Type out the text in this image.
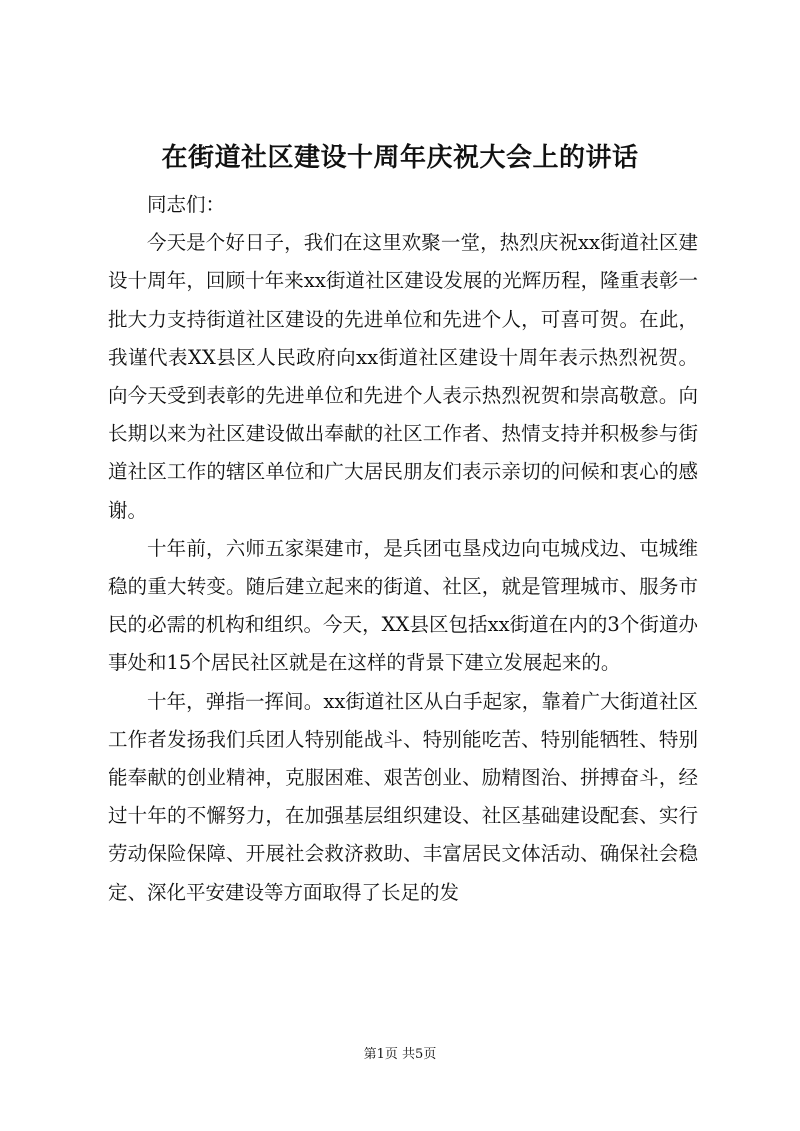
在街道社区建设十周年庆祝大会上的讲话

同志们：

今天是个好日子，我们在这里欢聚一堂，热烈庆祝xx街道社区建设十周年，回顾十年来xx街道社区建设发展的光辉历程，隆重表彰一批大力支持街道社区建设的先进单位和先进个人，可喜可贺。在此，我谨代表XX县区人民政府向xx街道社区建设十周年表示热烈祝贺。向今天受到表彰的先进单位和先进个人表示热烈祝贺和崇高敬意。向长期以来为社区建设做出奉献的社区工作者、热情支持并积极参与街道社区工作的辖区单位和广大居民朋友们表示亲切的问候和衷心的感谢。

十年前，六师五家渠建市，是兵团屯垦戍边向屯城戍边、屯城维稳的重大转变。随后建立起来的街道、社区，就是管理城市、服务市民的必需的机构和组织。今天，XX县区包括xx街道在内的3个街道办事处和15个居民社区就是在这样的背景下建立发展起来的。

十年，弹指一挥间。xx街道社区从白手起家，靠着广大街道社区工作者发扬我们兵团人特别能战斗、特别能吃苦、特别能牺牲、特别能奉献的创业精神，克服困难、艰苦创业、励精图治、拼搏奋斗，经过十年的不懈努力，在加强基层组织建设、社区基础建设配套、实行劳动保险保障、开展社会救济救助、丰富居民文体活动、确保社会稳定、深化平安建设等方面取得了长足的发

第1页 共5页
